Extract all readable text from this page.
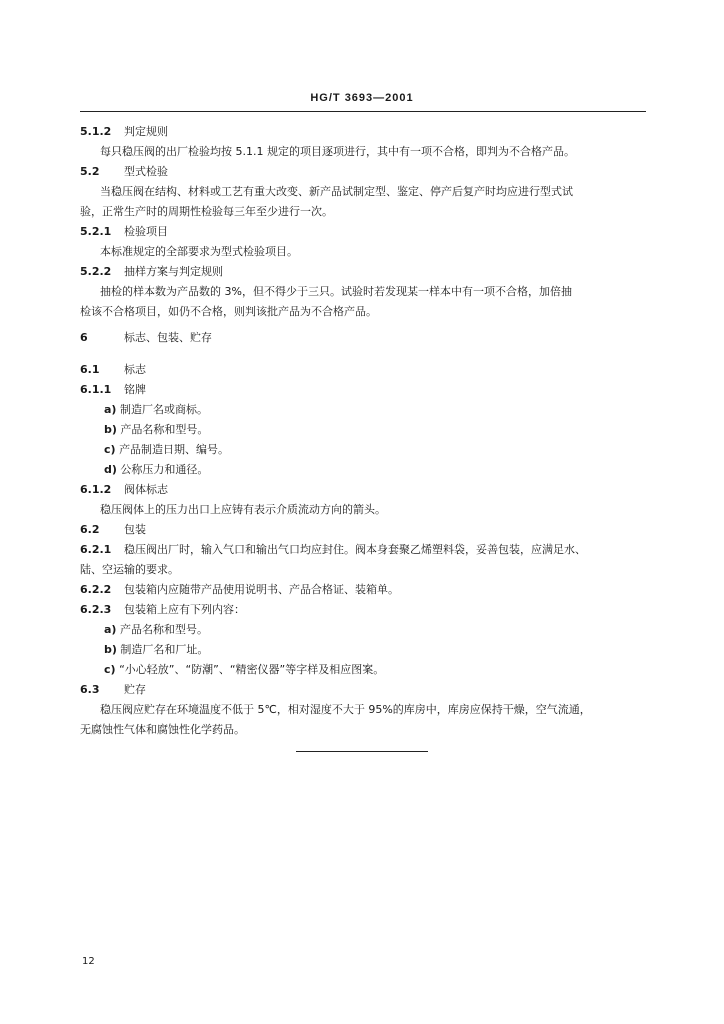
HG/T 3693—2001
5.1.2 判定规则
每只稳压阀的出厂检验均按 5.1.1 规定的项目逐项进行，其中有一项不合格，即判为不合格产品。
5.2 型式检验
当稳压阀在结构、材料或工艺有重大改变、新产品试制定型、鉴定、停产后复产时均应进行型式试
验，正常生产时的周期性检验每三年至少进行一次。
5.2.1 检验项目
本标准规定的全部要求为型式检验项目。
5.2.2 抽样方案与判定规则
抽检的样本数为产品数的 3%，但不得少于三只。试验时若发现某一样本中有一项不合格，加倍抽
检该不合格项目，如仍不合格，则判该批产品为不合格产品。
6	标志、包装、贮存
6.1 标志
6.1.1 铭牌
a) 制造厂名或商标。
b) 产品名称和型号。
c) 产品制造日期、编号。
d) 公称压力和通径。
6.1.2 阀体标志
稳压阀体上的压力出口上应铸有表示介质流动方向的箭头。
6.2 包装
6.2.1 稳压阀出厂时，输入气口和输出气口均应封住。阀本身套聚乙烯塑料袋，妥善包装，应满足水、
陆、空运输的要求。
6.2.2 包装箱内应随带产品使用说明书、产品合格证、装箱单。
6.2.3 包装箱上应有下列内容：
a) 产品名称和型号。
b) 制造厂名和厂址。
c) “小心轻放”、“防潮”、“精密仪器”等字样及相应图案。
6.3 贮存
稳压阀应贮存在环境温度不低于 5℃，相对湿度不大于 95%的库房中，库房应保持干燥，空气流通，
无腐蚀性气体和腐蚀性化学药品。
12
